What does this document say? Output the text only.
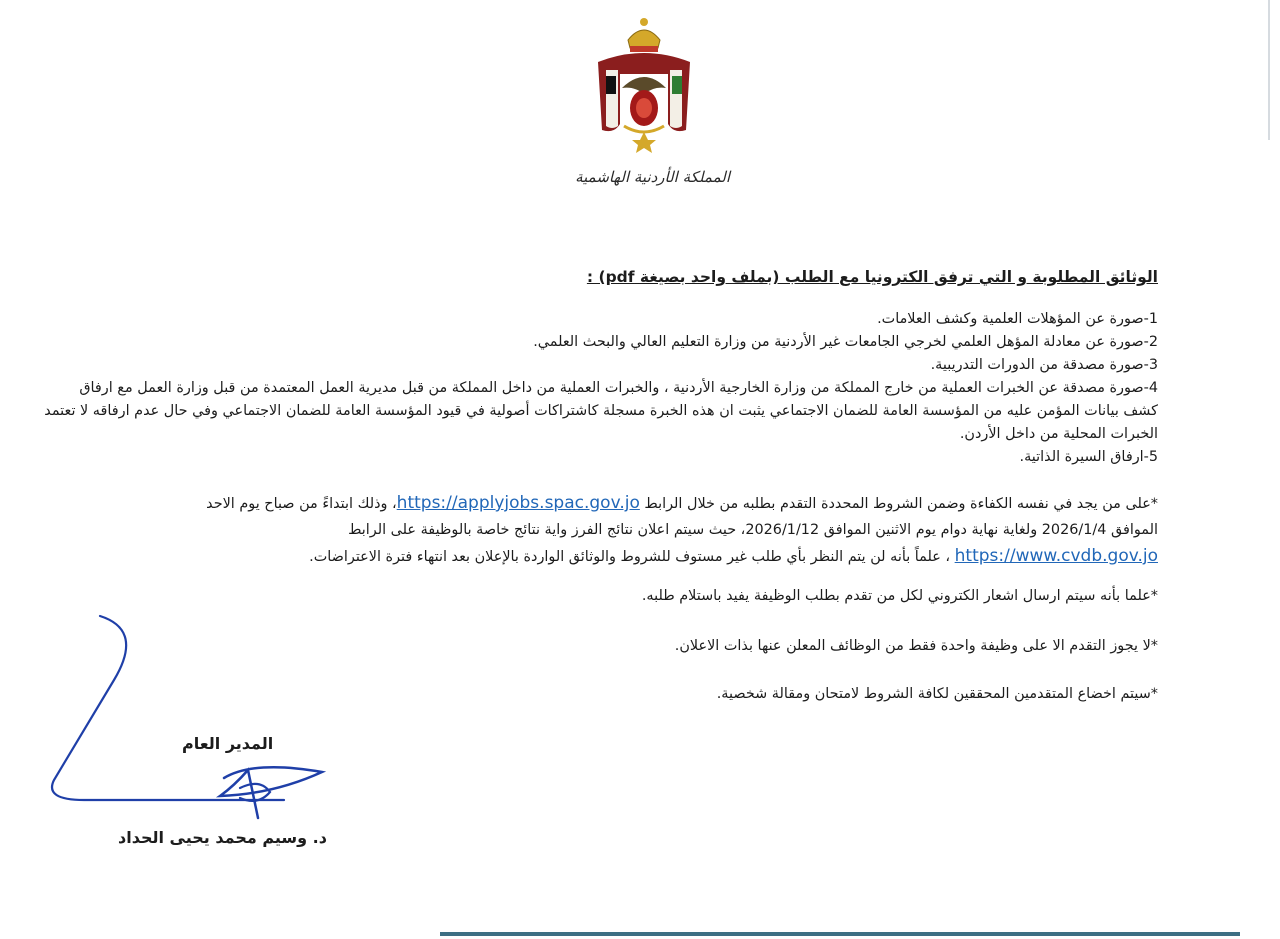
المملكة الأردنية الهاشمية
الوثائق المطلوبة و التي ترفق الكترونيا مع الطلب (بملف واحد بصيغة pdf) :
1-صورة عن المؤهلات العلمية وكشف العلامات.
2-صورة عن معادلة المؤهل العلمي لخرجي الجامعات غير الأردنية من وزارة التعليم العالي والبحث العلمي.
3-صورة مصدقة من الدورات التدريبية.
4-صورة مصدقة عن الخبرات العملية من خارج المملكة من وزارة الخارجية الأردنية ، والخبرات العملية من داخل المملكة من قبل مديرية العمل المعتمدة من قبل وزارة العمل مع ارفاق
كشف بيانات المؤمن عليه من المؤسسة العامة للضمان الاجتماعي يثبت ان هذه الخبرة مسجلة كاشتراكات أصولية في قيود المؤسسة العامة للضمان الاجتماعي وفي حال عدم ارفاقه لا تعتمد
الخبرات المحلية من داخل الأردن.
5-ارفاق السيرة الذاتية.
*على من يجد في نفسه الكفاءة وضمن الشروط المحددة التقدم بطلبه من خلال الرابط https://applyjobs.spac.gov.jo، وذلك ابتداءً من صباح يوم الاحد
الموافق 2026/1/4 ولغاية نهاية دوام يوم الاثنين الموافق 2026/1/12، حيث سيتم اعلان نتائج الفرز واية نتائج خاصة بالوظيفة على الرابط
https://www.cvdb.gov.jo ، علماً بأنه لن يتم النظر بأي طلب غير مستوف للشروط والوثائق الواردة بالإعلان بعد انتهاء فترة الاعتراضات.
*علما بأنه سيتم ارسال اشعار الكتروني لكل من تقدم بطلب الوظيفة يفيد باستلام طلبه.
*لا يجوز التقدم الا على وظيفة واحدة فقط من الوظائف المعلن عنها بذات الاعلان.
*سيتم اخضاع المتقدمين المحققين لكافة الشروط لامتحان ومقالة شخصية.
المدير العام
د. وسيم محمد يحيى الحداد
